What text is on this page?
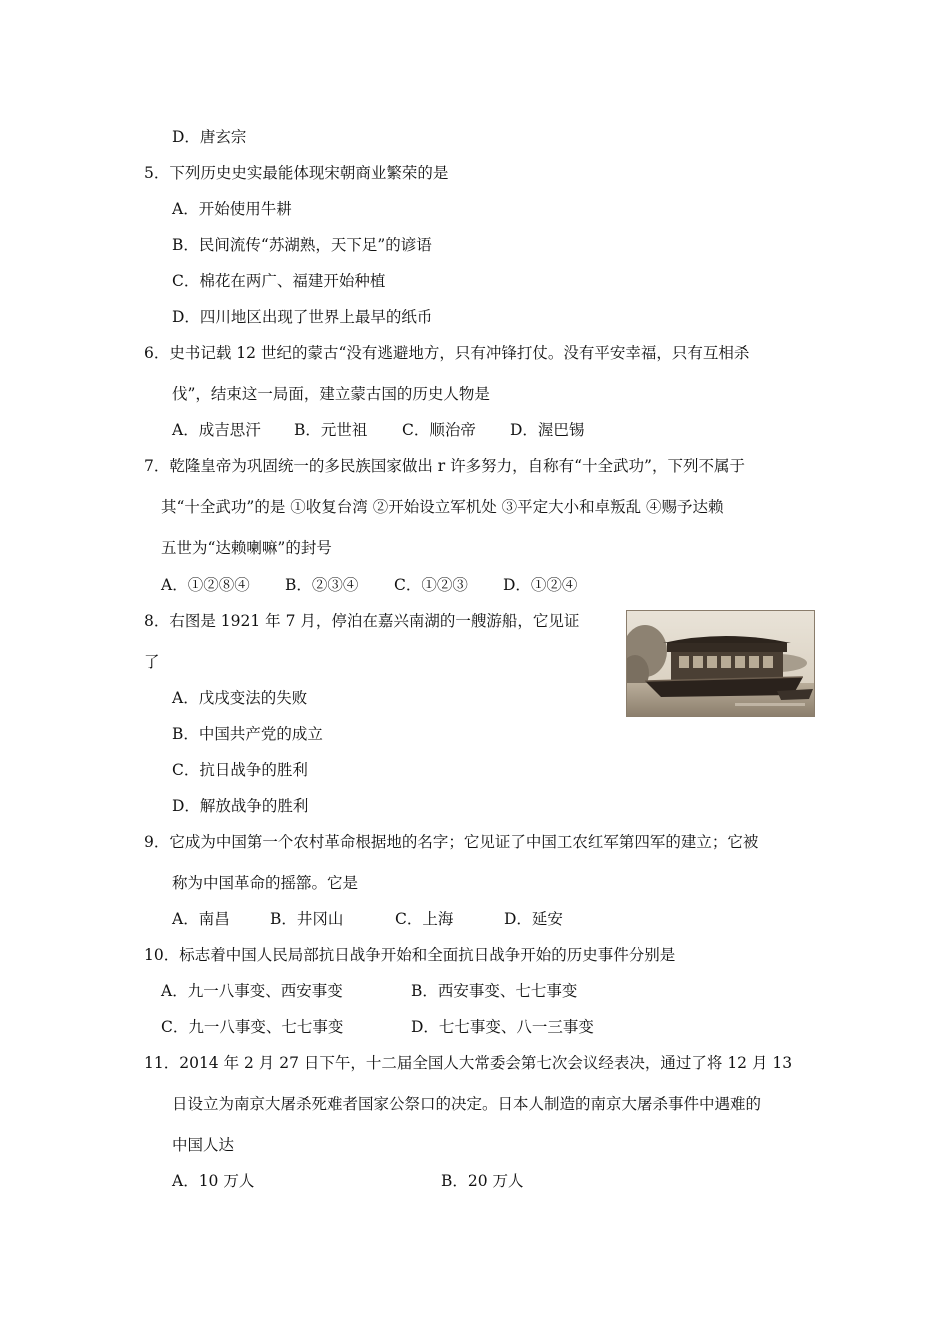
D．唐玄宗
5．下列历史史实最能体现宋朝商业繁荣的是
A．开始使用牛耕
B．民间流传“苏湖熟，天下足”的谚语
C．棉花在两广、福建开始种植
D．四川地区出现了世界上最早的纸币
6．史书记载 12 世纪的蒙古“没有逃避地方，只有冲锋打仗。没有平安幸福，只有互相杀
伐”，结束这一局面，建立蒙古国的历史人物是
A．成吉思汗 B．元世祖 C．顺治帝 D．渥巴锡
7．乾隆皇帝为巩固统一的多民族国家做出 r 许多努力，自称有“十全武功”，下列不属于
其“十全武功”的是 ①收复台湾 ②开始设立军机处 ③平定大小和卓叛乱 ④赐予达赖
五世为“达赖喇嘛”的封号
A．①②⑧④ B．②③④ C．①②③ D．①②④
8．右图是 1921 年 7 月，停泊在嘉兴南湖的一艘游船，它见证
了
A．戊戌变法的失败
B．中国共产党的成立
C．抗日战争的胜利
D．解放战争的胜利
9．它成为中国第一个农村革命根据地的名字；它见证了中国工农红军第四军的建立；它被
称为中国革命的摇篰。它是
A．南昌	B．井冈山	C．上海	D．延安
10．标志着中国人民局部抗日战争开始和全面抗日战争开始的历史事件分别是
A．九一八事变、西安事变	B．西安事变、七七事变
C．九一八事变、七七事变	D．七七事变、八一三事变
11．2014 年 2 月 27 日下午，十二届全国人大常委会第七次会议经表决，通过了将 12 月 13
日设立为南京大屠杀死难者国家公祭口的决定。日本人制造的南京大屠杀事件中遇难的
中国人达
A．10 万人	B．20 万人
